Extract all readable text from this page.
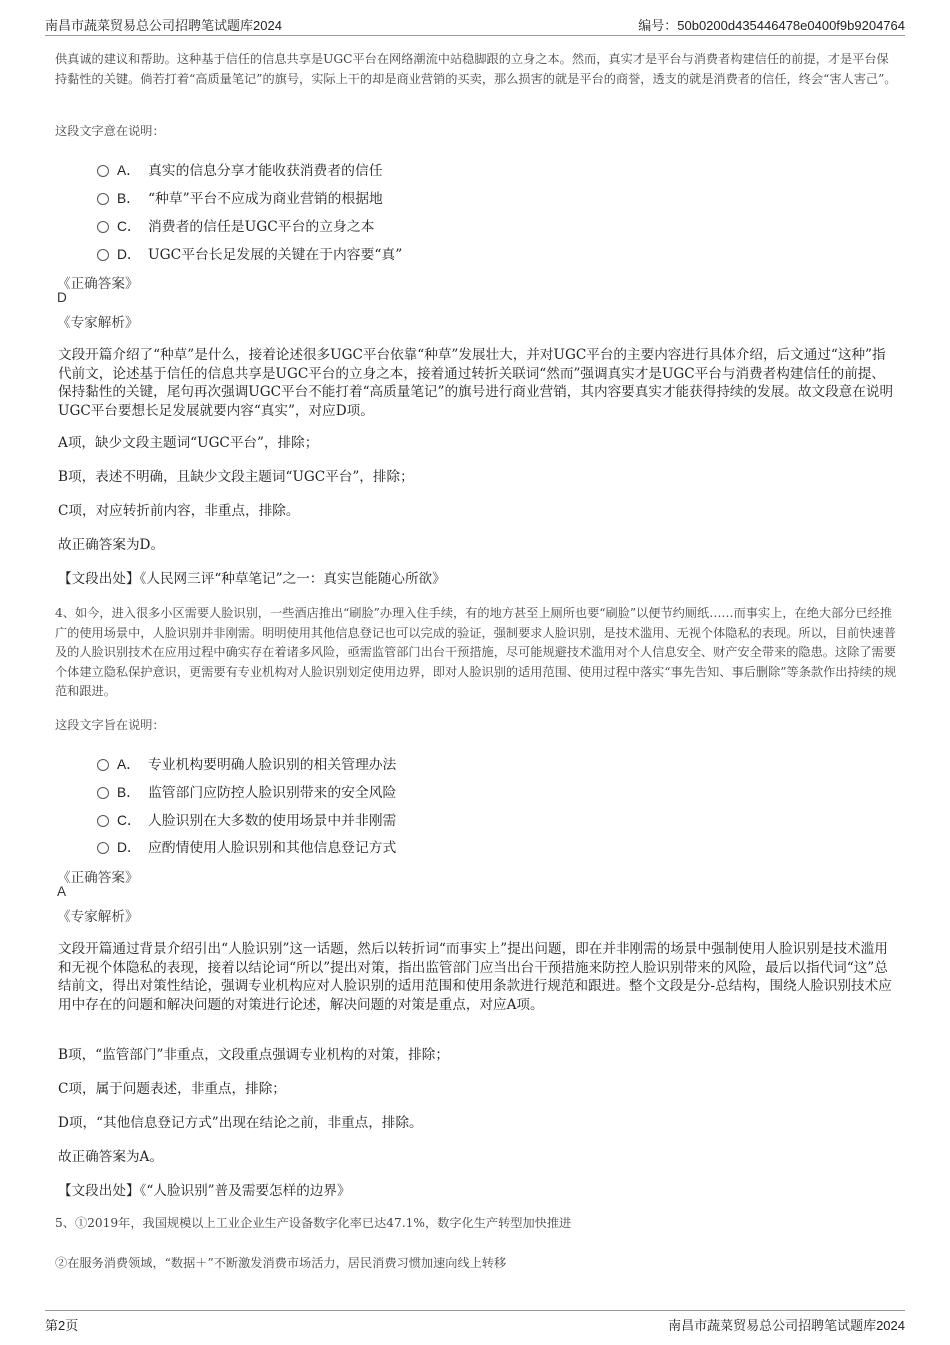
南昌市蔬菜贸易总公司招聘笔试题库2024	编号：50b0200d435446478e0400f9b9204764
供真诚的建议和帮助。这种基于信任的信息共享是UGC平台在网络潮流中站稳脚跟的立身之本。然而，真实才是平台与消费者构建信任的前提，才是平台保持黏性的关键。倘若打着“高质量笔记”的旗号，实际上干的却是商业营销的买卖，那么损害的就是平台的商誉，透支的就是消费者的信任，终会“害人害己”。
这段文字意在说明：
A． 真实的信息分享才能收获消费者的信任
B． “种草”平台不应成为商业营销的根据地
C． 消费者的信任是UGC平台的立身之本
D． UGC平台长足发展的关键在于内容要“真”
《正确答案》
D
《专家解析》
文段开篇介绍了“种草”是什么，接着论述很多UGC平台依靠“种草”发展壮大，并对UGC平台的主要内容进行具体介绍，后文通过“这种”指代前文，论述基于信任的信息共享是UGC平台的立身之本，接着通过转折关联词“然而”强调真实才是UGC平台与消费者构建信任的前提、保持黏性的关键，尾句再次强调UGC平台不能打着“高质量笔记”的旗号进行商业营销，其内容要真实才能获得持续的发展。故文段意在说明UGC平台要想长足发展就要内容“真实”，对应D项。
A项，缺少文段主题词“UGC平台”，排除；
B项，表述不明确，且缺少文段主题词“UGC平台”，排除；
C项，对应转折前内容，非重点，排除。
故正确答案为D。
【文段出处】《人民网三评“种草笔记”之一：真实岂能随心所欲》
4、如今，进入很多小区需要人脸识别，一些酒店推出“刷脸”办理入住手续，有的地方甚至上厕所也要“刷脸”以便节约厕纸……而事实上，在绝大部分已经推广的使用场景中，人脸识别并非刚需。明明使用其他信息登记也可以完成的验证，强制要求人脸识别，是技术滥用、无视个体隐私的表现。所以，目前快速普及的人脸识别技术在应用过程中确实存在着诸多风险，亟需监管部门出台干预措施，尽可能规避技术滥用对个人信息安全、财产安全带来的隐患。这除了需要个体建立隐私保护意识，更需要有专业机构对人脸识别划定使用边界，即对人脸识别的适用范围、使用过程中落实“事先告知、事后删除”等条款作出持续的规范和跟进。
这段文字旨在说明：
A． 专业机构要明确人脸识别的相关管理办法
B． 监管部门应防控人脸识别带来的安全风险
C． 人脸识别在大多数的使用场景中并非刚需
D． 应酌情使用人脸识别和其他信息登记方式
《正确答案》
A
《专家解析》
文段开篇通过背景介绍引出“人脸识别”这一话题，然后以转折词“而事实上”提出问题，即在并非刚需的场景中强制使用人脸识别是技术滥用和无视个体隐私的表现，接着以结论词“所以”提出对策，指出监管部门应当出台干预措施来防控人脸识别带来的风险，最后以指代词“这”总结前文，得出对策性结论，强调专业机构应对人脸识别的适用范围和使用条款进行规范和跟进。整个文段是分-总结构，围绕人脸识别技术应用中存在的问题和解决问题的对策进行论述，解决问题的对策是重点，对应A项。
B项，“监管部门”非重点，文段重点强调专业机构的对策，排除；
C项，属于问题表述，非重点，排除；
D项，“其他信息登记方式”出现在结论之前，非重点，排除。
故正确答案为A。
【文段出处】《“人脸识别”普及需要怎样的边界》
5、①2019年，我国规模以上工业企业生产设备数字化率已达47.1%，数字化生产转型加快推进
②在服务消费领域，“数据＋”不断激发消费市场活力，居民消费习惯加速向线上转移
第2页	南昌市蔬菜贸易总公司招聘笔试题库2024
